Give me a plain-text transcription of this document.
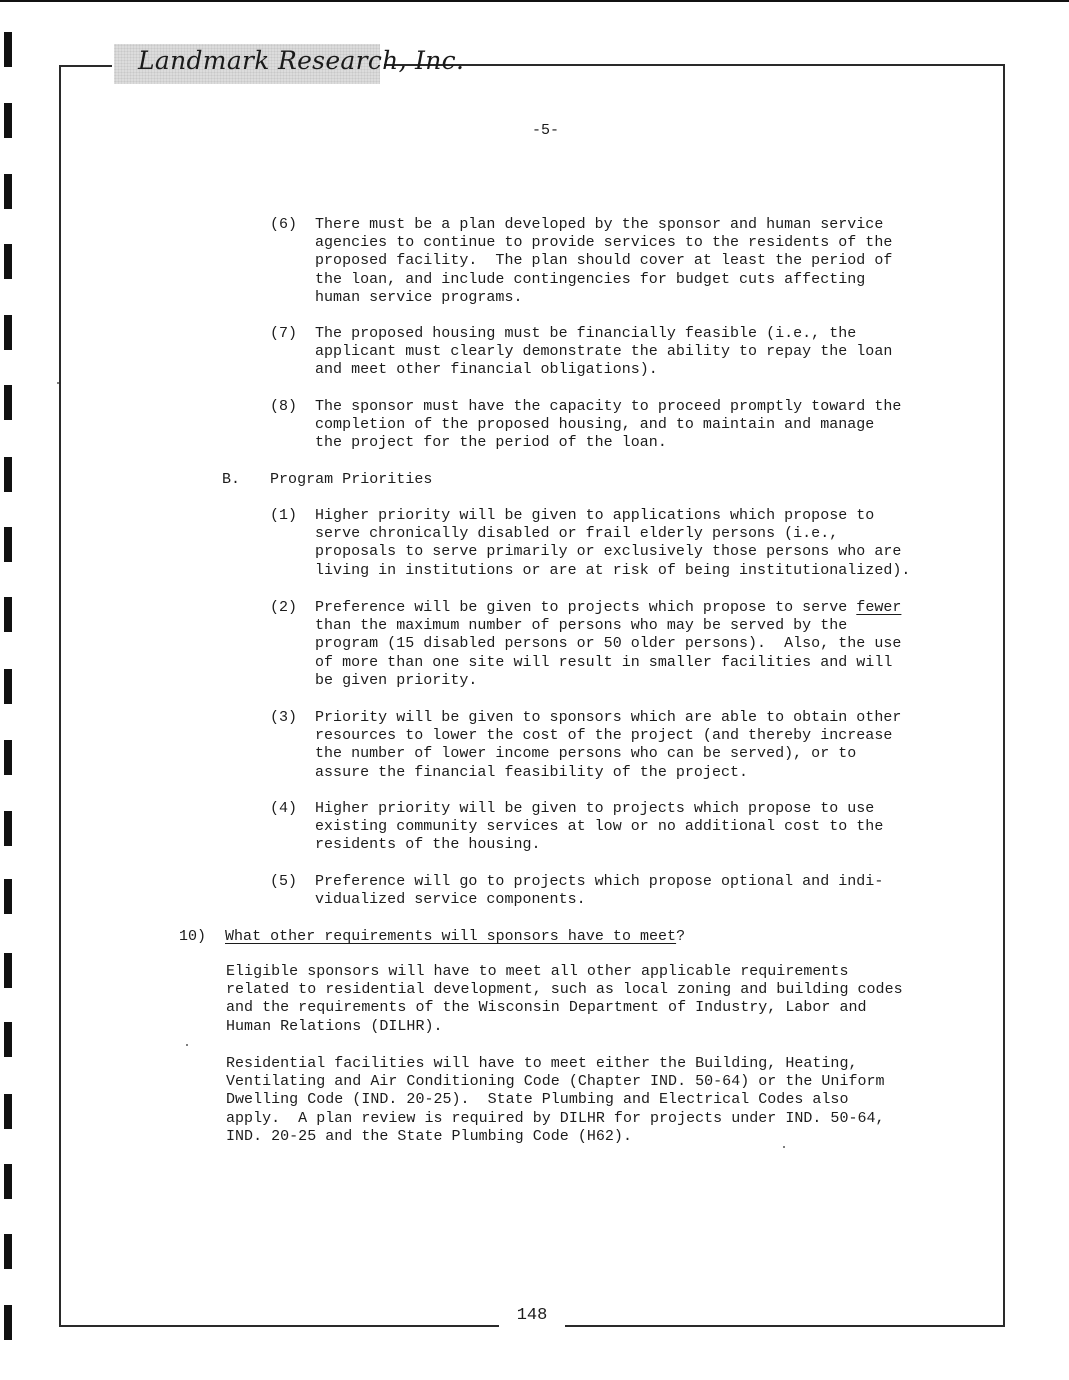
Landmark Research, Inc.
-5-
148
(6) There must be a plan developed by the sponsor and human service
agencies to continue to provide services to the residents of the
proposed facility.  The plan should cover at least the period of
the loan, and include contingencies for budget cuts affecting
human service programs.
(7) The proposed housing must be financially feasible (i.e., the
applicant must clearly demonstrate the ability to repay the loan
and meet other financial obligations).
(8) The sponsor must have the capacity to proceed promptly toward the
completion of the proposed housing, and to maintain and manage
the project for the period of the loan.
B. Program Priorities
(1) Higher priority will be given to applications which propose to
serve chronically disabled or frail elderly persons (i.e.,
proposals to serve primarily or exclusively those persons who are
living in institutions or are at risk of being institutionalized).
(2) Preference will be given to projects which propose to serve fewer
than the maximum number of persons who may be served by the
program (15 disabled persons or 50 older persons).  Also, the use
of more than one site will result in smaller facilities and will
be given priority.
(3) Priority will be given to sponsors which are able to obtain other
resources to lower the cost of the project (and thereby increase
the number of lower income persons who can be served), or to
assure the financial feasibility of the project.
(4) Higher priority will be given to projects which propose to use
existing community services at low or no additional cost to the
residents of the housing.
(5) Preference will go to projects which propose optional and indi-
vidualized service components.
10) What other requirements will sponsors have to meet?
Eligible sponsors will have to meet all other applicable requirements
related to residential development, such as local zoning and building codes
and the requirements of the Wisconsin Department of Industry, Labor and
Human Relations (DILHR).
Residential facilities will have to meet either the Building, Heating,
Ventilating and Air Conditioning Code (Chapter IND. 50-64) or the Uniform
Dwelling Code (IND. 20-25).  State Plumbing and Electrical Codes also
apply.  A plan review is required by DILHR for projects under IND. 50-64,
IND. 20-25 and the State Plumbing Code (H62).
